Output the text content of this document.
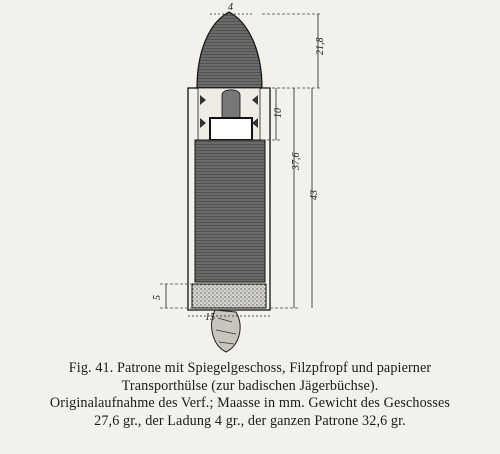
4
21,8
10
37,6
43
5
15
Fig. 41. Patrone mit Spiegelgeschoss, Filzpfropf und papierner
Transporthülse (zur badischen Jägerbüchse).
Originalaufnahme des Verf.; Maasse in mm. Gewicht des Geschosses
27,6 gr., der Ladung 4 gr., der ganzen Patrone 32,6 gr.
